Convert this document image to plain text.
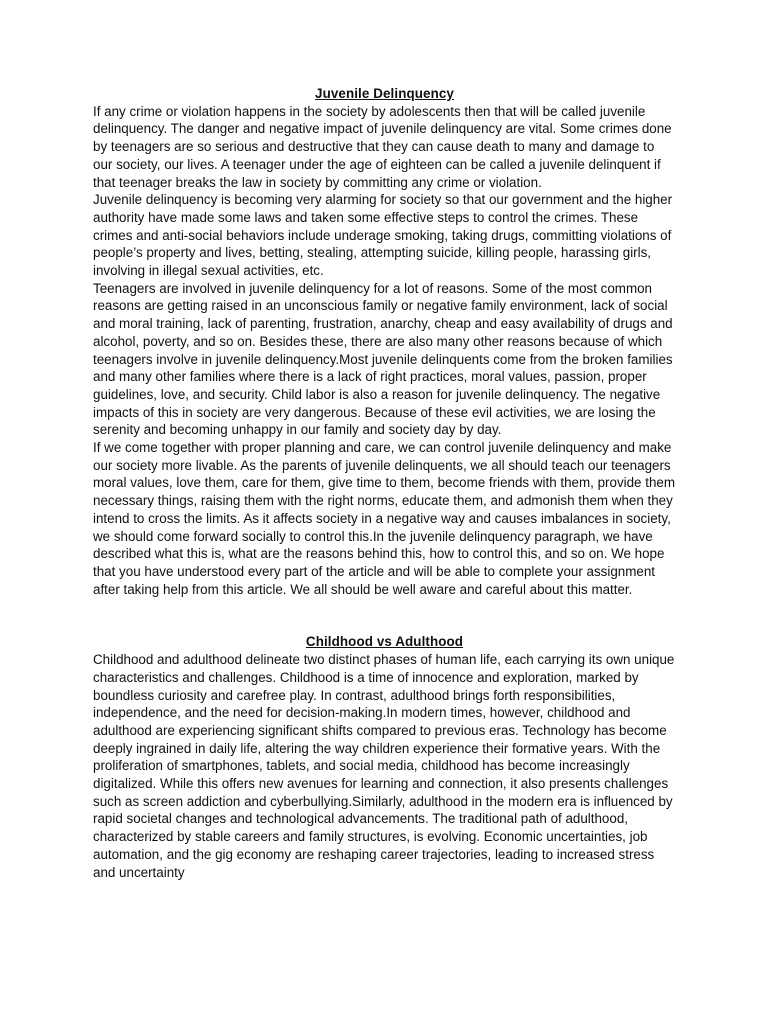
Juvenile Delinquency

If any crime or violation happens in the society by adolescents then that will be called juvenile delinquency. The danger and negative impact of juvenile delinquency are vital. Some crimes done by teenagers are so serious and destructive that they can cause death to many and damage to our society, our lives. A teenager under the age of eighteen can be called a juvenile delinquent if that teenager breaks the law in society by committing any crime or violation.

Juvenile delinquency is becoming very alarming for society so that our government and the higher authority have made some laws and taken some effective steps to control the crimes. These crimes and anti-social behaviors include underage smoking, taking drugs, committing violations of people’s property and lives, betting, stealing, attempting suicide, killing people, harassing girls, involving in illegal sexual activities, etc.

Teenagers are involved in juvenile delinquency for a lot of reasons. Some of the most common reasons are getting raised in an unconscious family or negative family environment, lack of social and moral training, lack of parenting, frustration, anarchy, cheap and easy availability of drugs and alcohol, poverty, and so on. Besides these, there are also many other reasons because of which teenagers involve in juvenile delinquency.Most juvenile delinquents come from the broken families and many other families where there is a lack of right practices, moral values, passion, proper guidelines, love, and security. Child labor is also a reason for juvenile delinquency. The negative impacts of this in society are very dangerous. Because of these evil activities, we are losing the serenity and becoming unhappy in our family and society day by day.

If we come together with proper planning and care, we can control juvenile delinquency and make our society more livable. As the parents of juvenile delinquents, we all should teach our teenagers moral values, love them, care for them, give time to them, become friends with them, provide them necessary things, raising them with the right norms, educate them, and admonish them when they intend to cross the limits. As it affects society in a negative way and causes imbalances in society, we should come forward socially to control this.In the juvenile delinquency paragraph, we have described what this is, what are the reasons behind this, how to control this, and so on. We hope that you have understood every part of the article and will be able to complete your assignment after taking help from this article. We all should be well aware and careful about this matter.

Childhood vs Adulthood

Childhood and adulthood delineate two distinct phases of human life, each carrying its own unique characteristics and challenges. Childhood is a time of innocence and exploration, marked by boundless curiosity and carefree play. In contrast, adulthood brings forth responsibilities, independence, and the need for decision-making.In modern times, however, childhood and adulthood are experiencing significant shifts compared to previous eras. Technology has become deeply ingrained in daily life, altering the way children experience their formative years. With the proliferation of smartphones, tablets, and social media, childhood has become increasingly digitalized. While this offers new avenues for learning and connection, it also presents challenges such as screen addiction and cyberbullying.Similarly, adulthood in the modern era is influenced by rapid societal changes and technological advancements. The traditional path of adulthood, characterized by stable careers and family structures, is evolving. Economic uncertainties, job automation, and the gig economy are reshaping career trajectories, leading to increased stress and uncertainty
